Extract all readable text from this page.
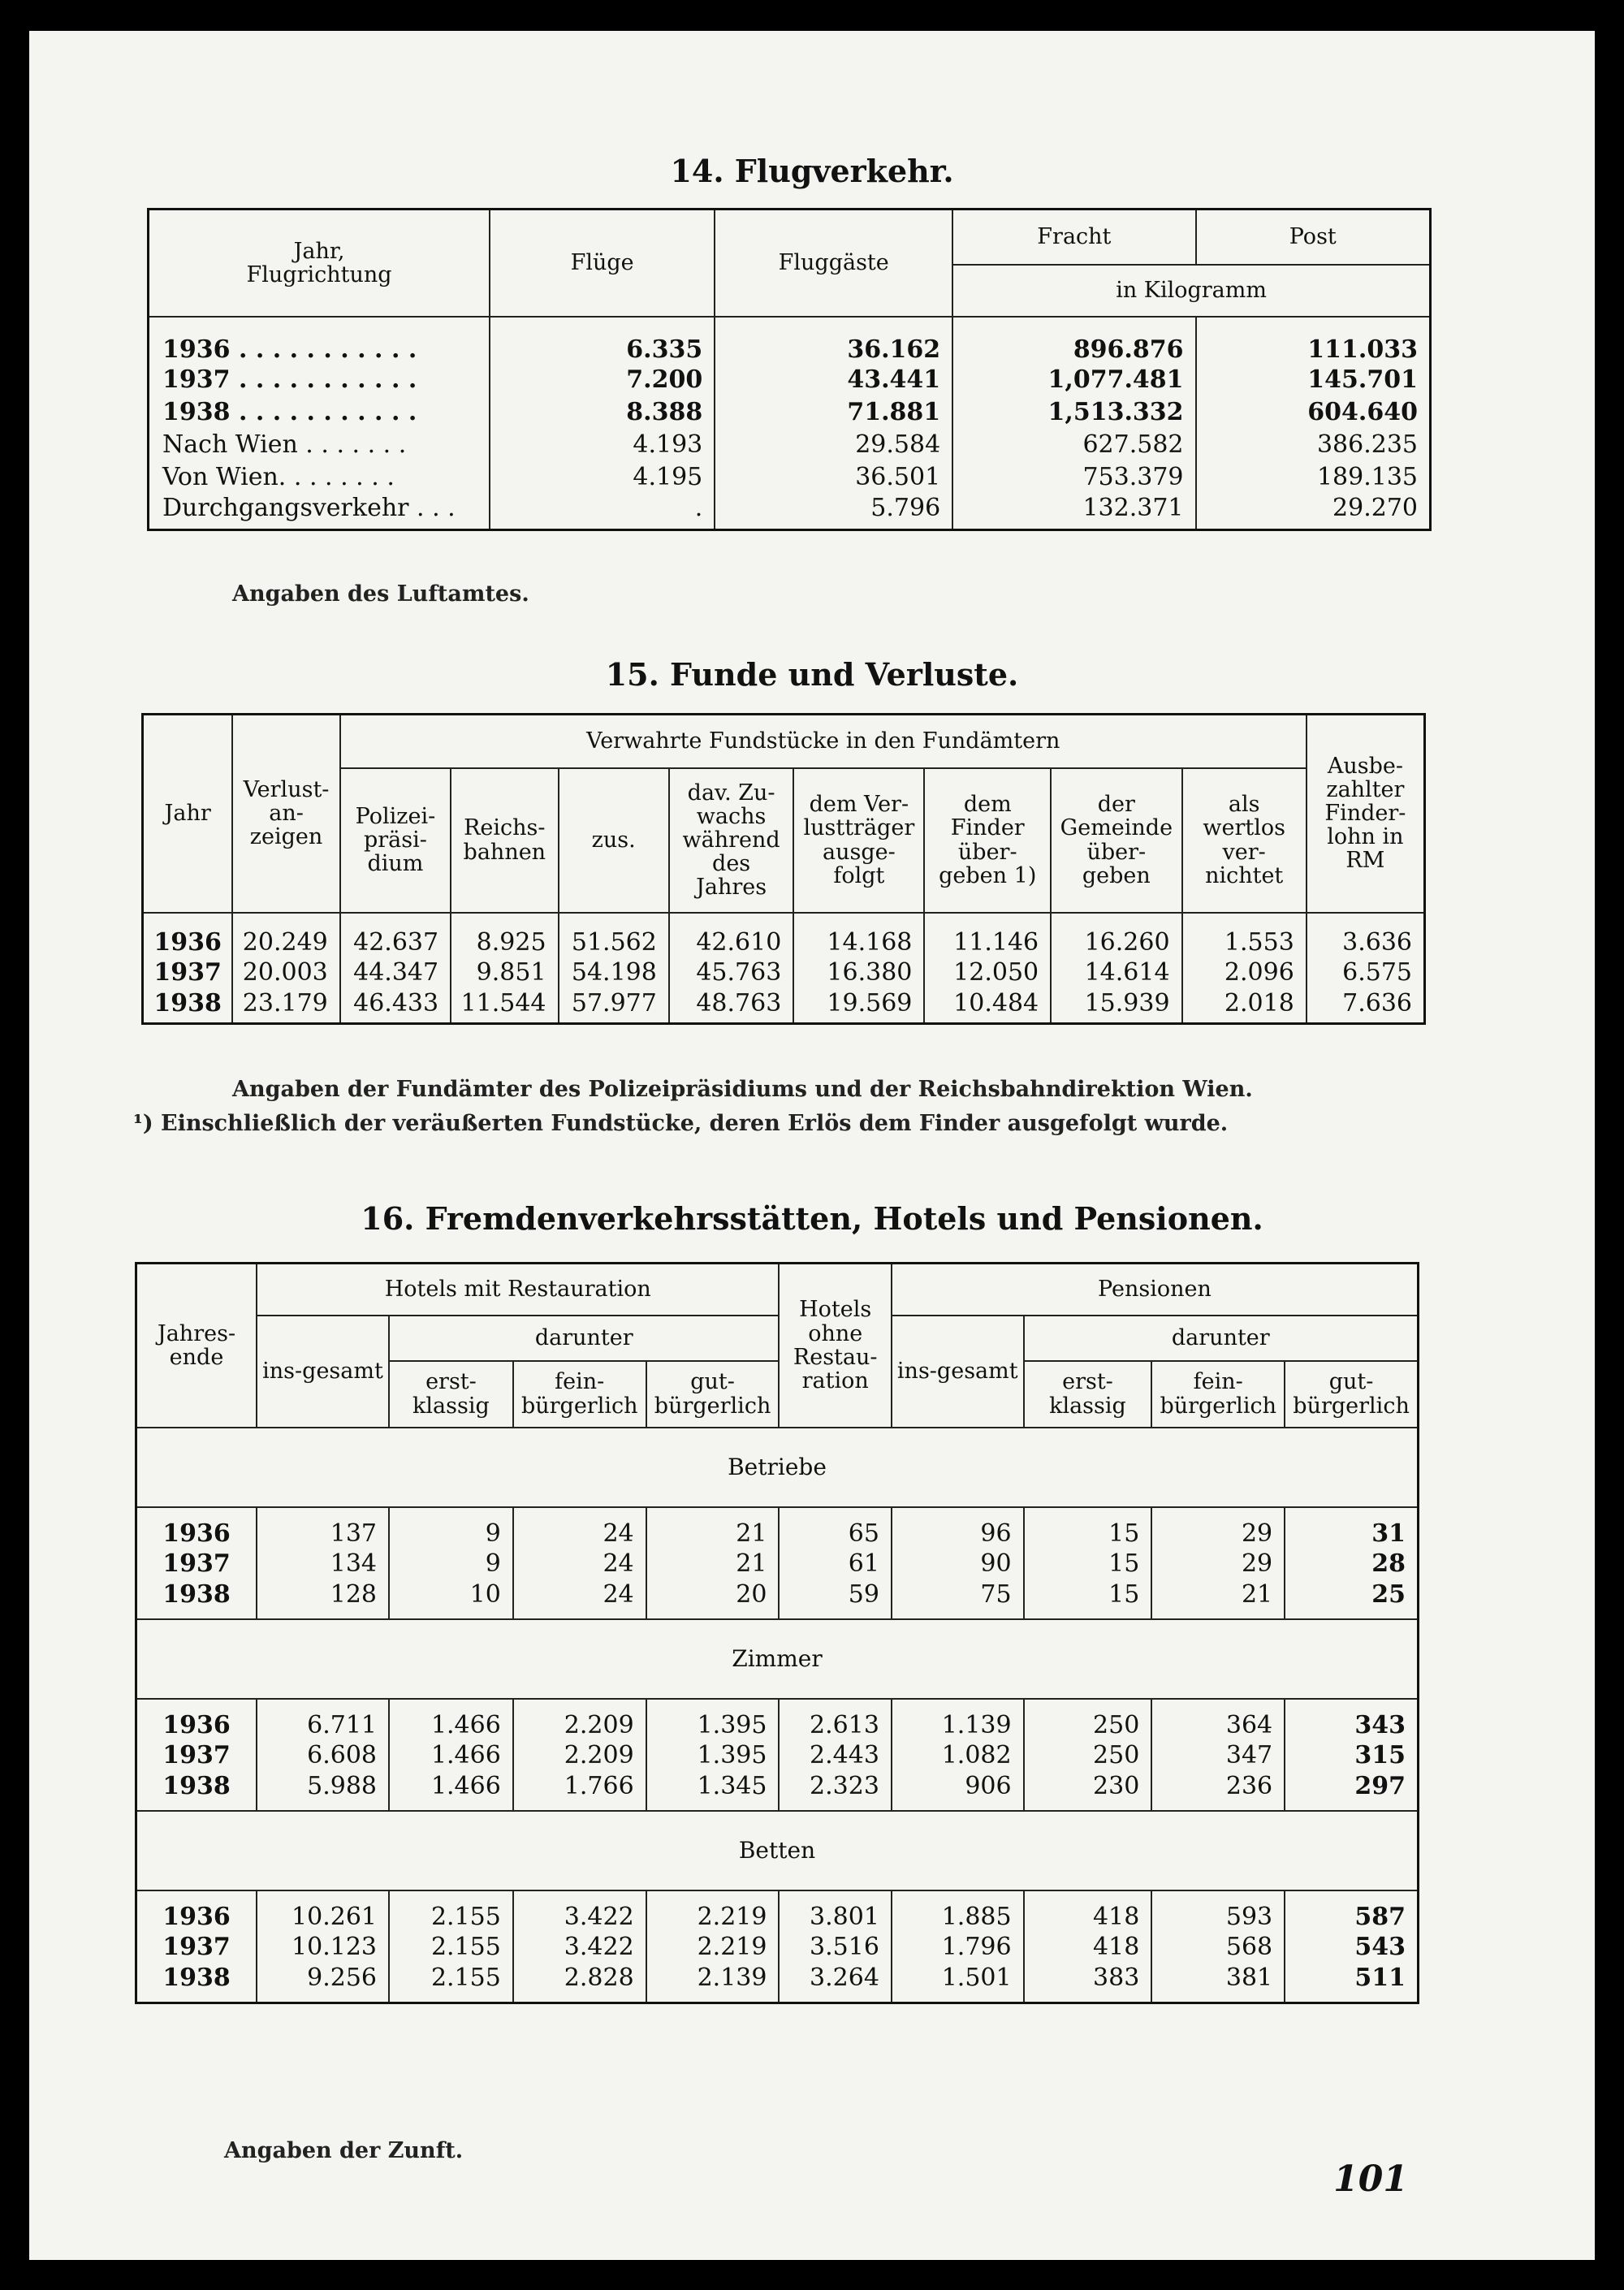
14. Flugverkehr.
Jahr,
Flugrichtung	Flüge	Fluggäste	Fracht	Post
			in Kilogramm	
1936 . . . . . . . . . . .	6.335	36.162	896.876	111.033
1937 . . . . . . . . . . .	7.200	43.441	1,077.481	145.701
1938 . . . . . . . . . . .	8.388	71.881	1,513.332	604.640
Nach Wien . . . . . . .	4.193	29.584	627.582	386.235
Von Wien. . . . . . . .	4.195	36.501	753.379	189.135
Durchgangsverkehr . . .	.	5.796	132.371	29.270
Angaben des Luftamtes.
15. Funde und Verluste.
Jahr	Verlust-an-zeigen	Verwahrte Fundstücke in den Fundämtern								Ausbe-zahlter Finder-lohn in RM
		Polizei-präsi-dium	Reichs-bahnen	zus.	dav. Zu-wachs während des Jahres	dem Ver-lustträger ausge-folgt	dem Finder über-geben 1)	der Gemeinde über-geben	als wertlos ver-nichtet	
1936	20.249	42.637	8.925	51.562	42.610	14.168	11.146	16.260	1.553	3.636
1937	20.003	44.347	9.851	54.198	45.763	16.380	12.050	14.614	2.096	6.575
1938	23.179	46.433	11.544	57.977	48.763	19.569	10.484	15.939	2.018	7.636
Angaben der Fundämter des Polizeipräsidiums und der Reichsbahndirektion Wien.
¹) Einschließlich der veräußerten Fundstücke, deren Erlös dem Finder ausgefolgt wurde.
16. Fremdenverkehrsstätten, Hotels und Pensionen.
Jahres-ende	Hotels mit Restauration				Hotels ohne Restau-ration	Pensionen			
	ins-gesamt	darunter				ins-gesamt	darunter		
		erst-klassig	fein-bürgerlich	gut-bürgerlich			erst-klassig	fein-bürgerlich	gut-bürgerlich
Betriebe									
1936	137	9	24	21	65	96	15	29	31
1937	134	9	24	21	61	90	15	29	28
1938	128	10	24	20	59	75	15	21	25
Zimmer									
1936	6.711	1.466	2.209	1.395	2.613	1.139	250	364	343
1937	6.608	1.466	2.209	1.395	2.443	1.082	250	347	315
1938	5.988	1.466	1.766	1.345	2.323	906	230	236	297
Betten									
1936	10.261	2.155	3.422	2.219	3.801	1.885	418	593	587
1937	10.123	2.155	3.422	2.219	3.516	1.796	418	568	543
1938	9.256	2.155	2.828	2.139	3.264	1.501	383	381	511
Angaben der Zunft.
101
